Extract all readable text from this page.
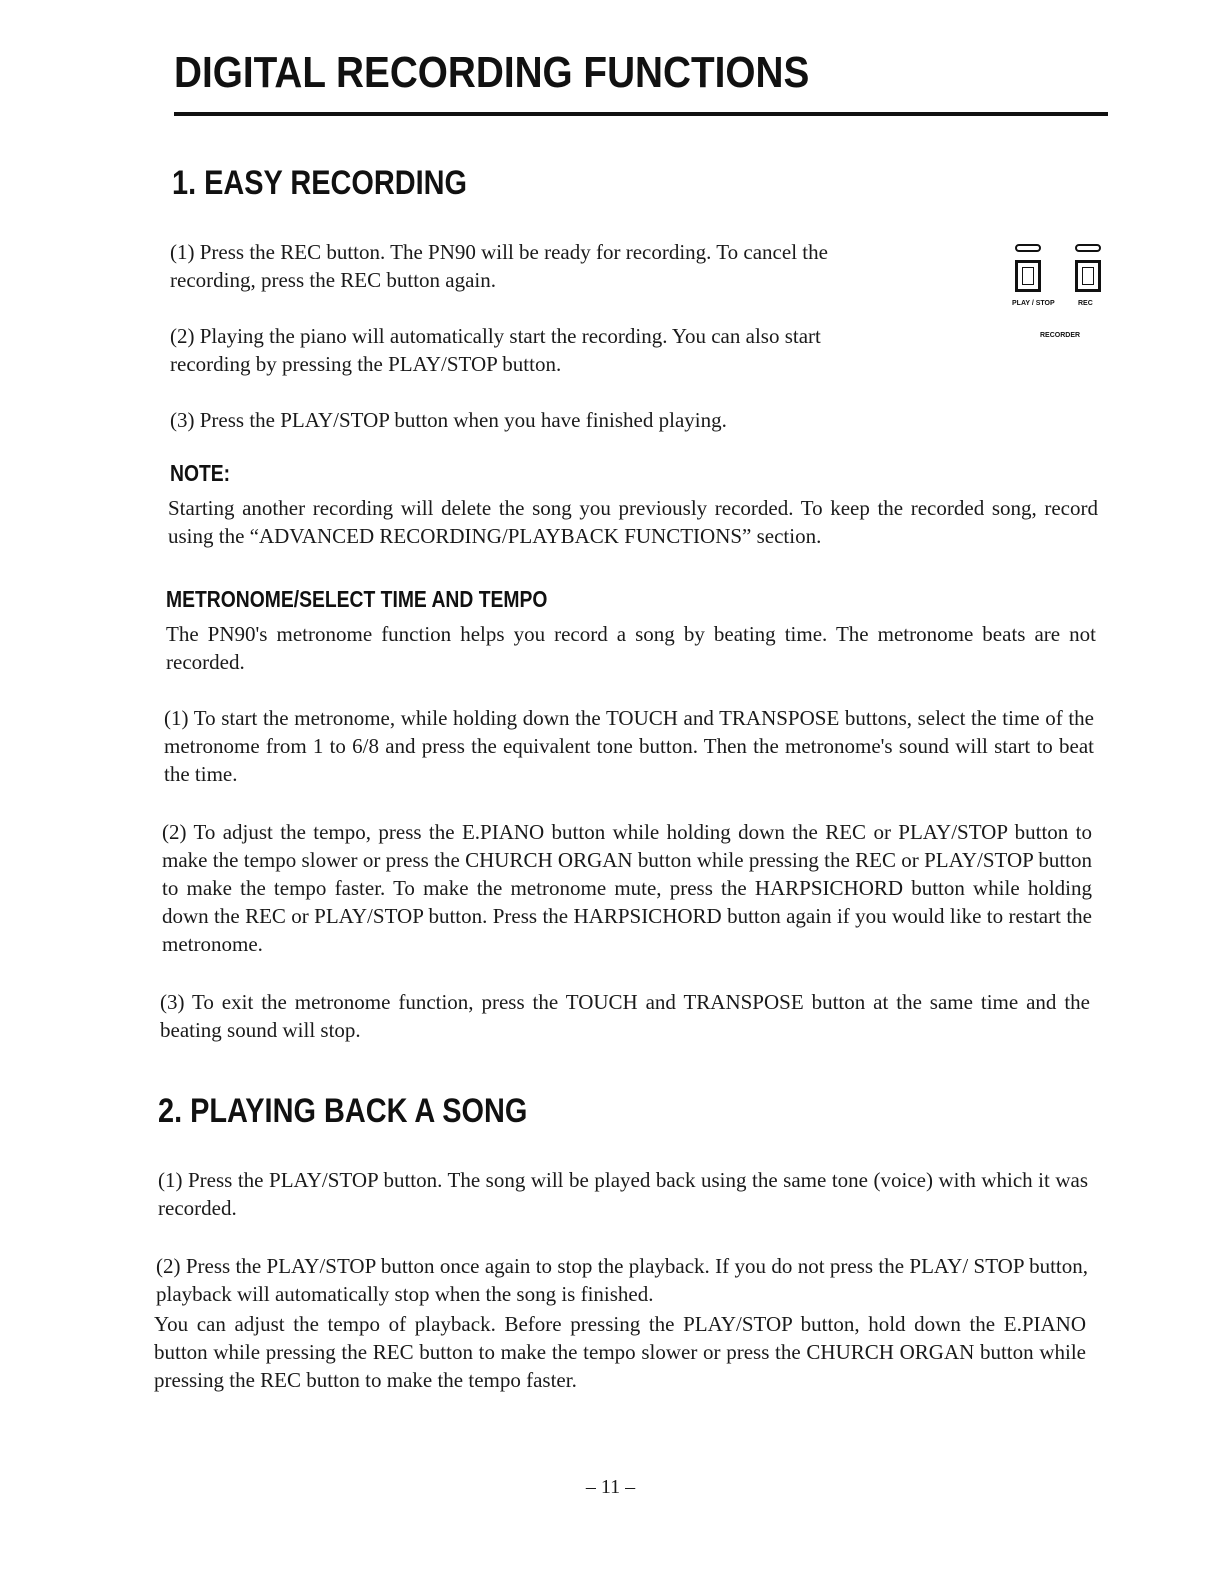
DIGITAL RECORDING FUNCTIONS
1. EASY RECORDING
(1) Press the REC button. The PN90 will be ready for recording. To cancel the
recording, press the REC button again.
(2) Playing the piano will automatically start the recording. You can also start
recording by pressing the PLAY/STOP button.
(3) Press the PLAY/STOP button when you have finished playing.
PLAY / STOP	REC
RECORDER
NOTE:
Starting another recording will delete the song you previously recorded. To keep the recorded song, record using the “ADVANCED RECORDING/PLAYBACK FUNCTIONS” section.
METRONOME/SELECT TIME AND TEMPO
The PN90's metronome function helps you record a song by beating time. The metronome beats are not recorded.
(1) To start the metronome, while holding down the TOUCH and TRANSPOSE buttons, select the time of the metronome from 1 to 6/8 and press the equivalent tone button. Then the metronome's sound will start to beat the time.
(2) To adjust the tempo, press the E.PIANO button while holding down the REC or PLAY/STOP button to make the tempo slower or press the CHURCH ORGAN button while pressing the REC or PLAY/STOP button to make the tempo faster. To make the metronome mute, press the HARPSICHORD button while holding down the REC or PLAY/STOP button. Press the HARPSICHORD button again if you would like to restart the metronome.
(3) To exit the metronome function, press the TOUCH and TRANSPOSE button at the same time and the beating sound will stop.
2. PLAYING BACK A SONG
(1) Press the PLAY/STOP button. The song will be played back using the same tone (voice) with which it was recorded.
(2) Press the PLAY/STOP button once again to stop the playback. If you do not press the PLAY/ STOP button, playback will automatically stop when the song is finished.
You can adjust the tempo of playback. Before pressing the PLAY/STOP button, hold down the E.PIANO button while pressing the REC button to make the tempo slower or press the CHURCH ORGAN button while pressing the REC button to make the tempo faster.
– 11 –
